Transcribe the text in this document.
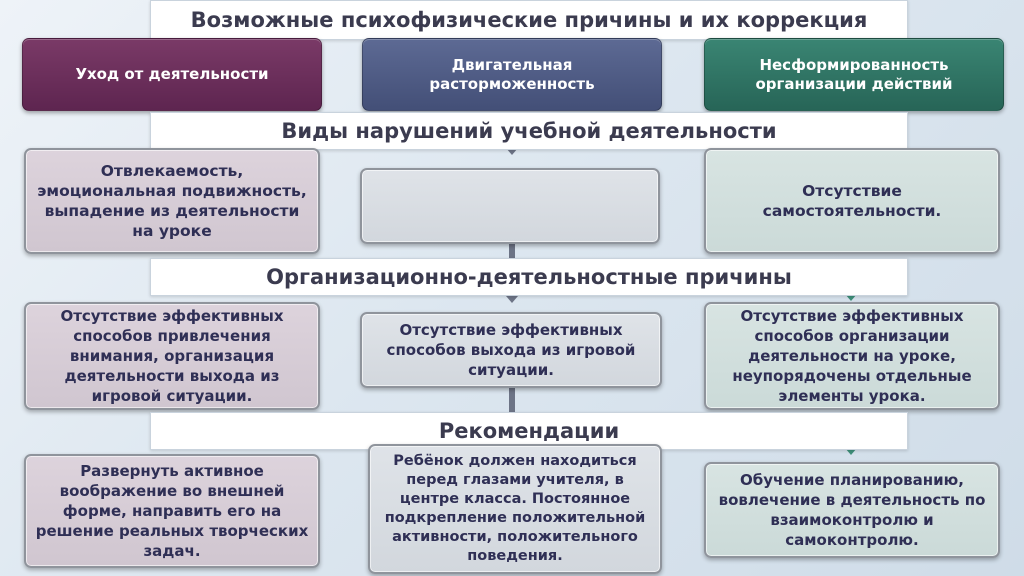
Возможные психофизические причины и их коррекция
Уход от деятельности
Двигательная расторможенность
Несформированность организации действий
Виды нарушений учебной деятельности
Отвлекаемость, эмоциональная подвижность, выпадение из деятельности на уроке
Отсутствие самостоятельности.
Организационно-деятельностные причины
Отсутствие эффективных способов привлечения внимания, организация деятельности выхода из игровой ситуации.
Отсутствие эффективных способов выхода из игровой ситуации.
Отсутствие эффективных способов организации деятельности на уроке, неупорядочены отдельные элементы урока.
Рекомендации
Развернуть активное воображение во внешней форме, направить его на решение реальных творческих задач.
Ребёнок должен находиться перед глазами учителя, в центре класса. Постоянное подкрепление положительной активности, положительного поведения.
Обучение планированию, вовлечение в деятельность по взаимоконтролю и самоконтролю.
